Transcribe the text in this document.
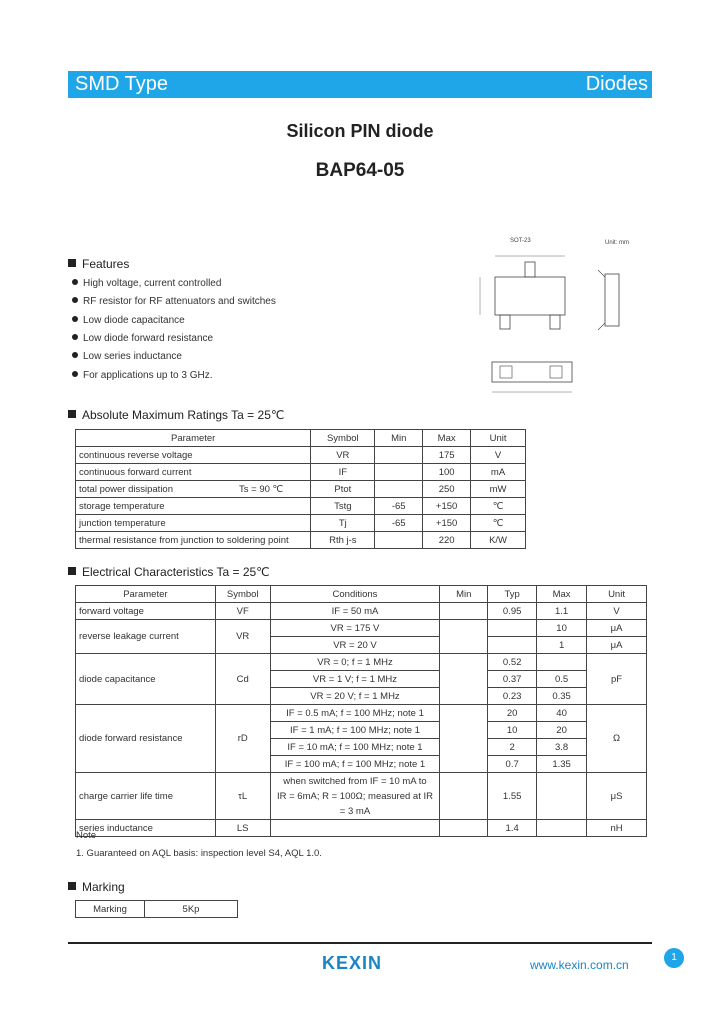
SMD Type	Diodes
Silicon PIN diode
BAP64-05
SOT-23	Unit: mm
Features
High voltage, current controlled
RF resistor for RF attenuators and switches
Low diode capacitance
Low diode forward resistance
Low series inductance
For applications up to 3 GHz.
Absolute Maximum Ratings Ta = 25℃
Parameter	Symbol	Min	Max	Unit
continuous reverse voltage	VR		175	V
continuous forward current	IF		100	mA
total power dissipation Ts = 90 ℃	Ptot		250	mW
storage temperature	Tstg	-65	+150	℃
junction temperature	Tj	-65	+150	℃
thermal resistance from junction to soldering point	Rth j-s		220	K/W
Electrical Characteristics Ta = 25℃
Parameter	Symbol	Conditions	Min	Typ	Max	Unit
forward voltage	VF	IF = 50 mA		0.95	1.1	V
reverse leakage current	VR	VR = 175 V			10	μA
		VR = 20 V			1	μA
diode capacitance	Cd	VR = 0; f = 1 MHz		0.52		pF
		VR = 1 V; f = 1 MHz		0.37	0.5	
		VR = 20 V; f = 1 MHz		0.23	0.35	
diode forward resistance	rD	IF = 0.5 mA; f = 100 MHz; note 1		20	40	Ω
		IF = 1 mA; f = 100 MHz; note 1		10	20	
		IF = 10 mA; f = 100 MHz; note 1		2	3.8	
		IF = 100 mA; f = 100 MHz; note 1		0.7	1.35	
charge carrier life time	τL	when switched from IF = 10 mA to		1.55		μS
		IR = 6mA; R = 100Ω; measured at IR = 3 mA				
series inductance	LS			1.4		nH
Note
1. Guaranteed on AQL basis: inspection level S4, AQL 1.0.
Marking
Marking	5Kp
1
KEXIN	www.kexin.com.cn
